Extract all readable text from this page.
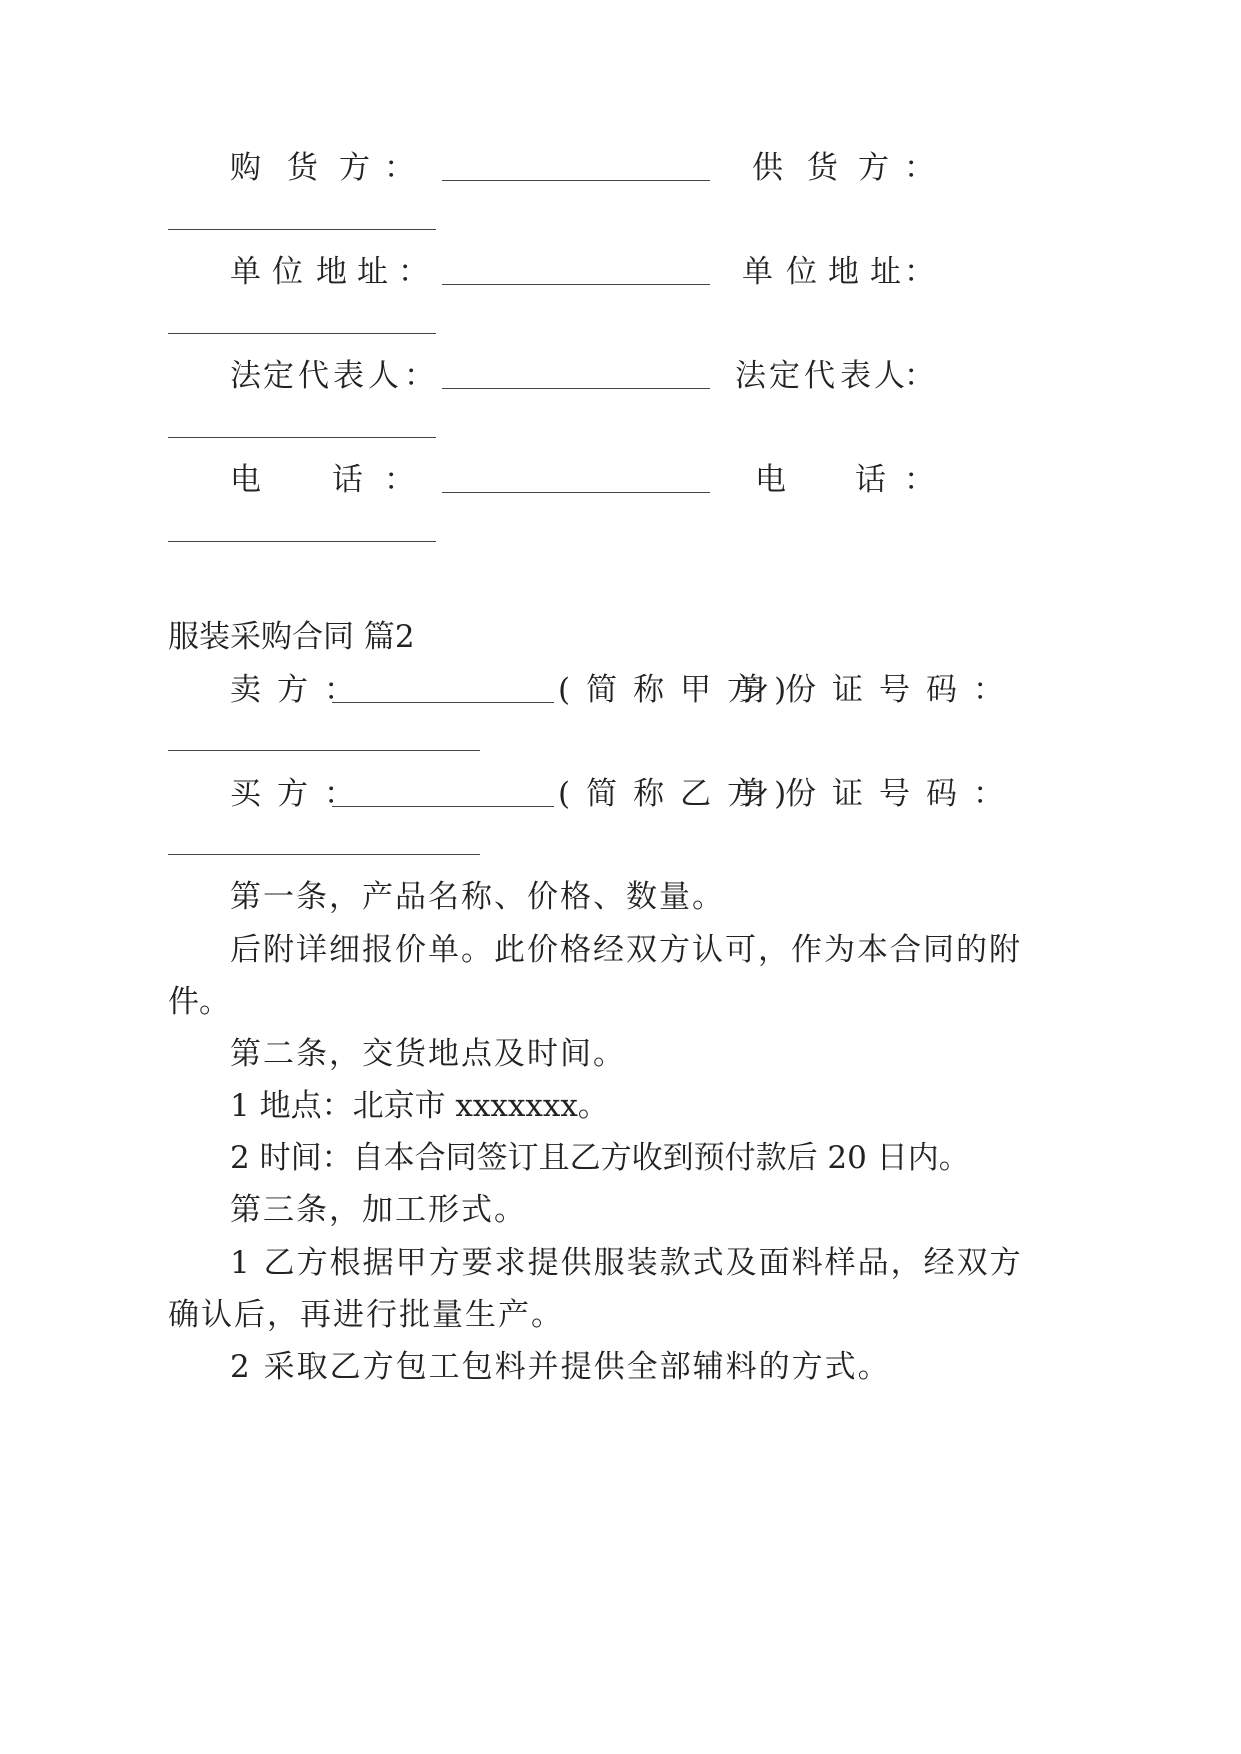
购 货 方 ：	供 货 方 ：
单 位 地 址 ：	单 位 地 址 ：
法 定 代 表 人 ：	法 定 代 表 人 ：
电 话 ：	电 话 ：
服装采购合同 篇2
卖方：	(简称甲方)
身份证号码：
买方：	(简称乙方)
身份证号码：
第一条，产品名称、价格、数量。
后附详细报价单。此价格经双方认可，作为本合同的附
件。
第二条，交货地点及时间。
1 地点：北京市 xxxxxxx。
2 时间：自本合同签订且乙方收到预付款后 20 日内。
第三条，加工形式。
1 乙方根据甲方要求提供服装款式及面料样品，经双方
确认后，再进行批量生产。
2 采取乙方包工包料并提供全部辅料的方式。
